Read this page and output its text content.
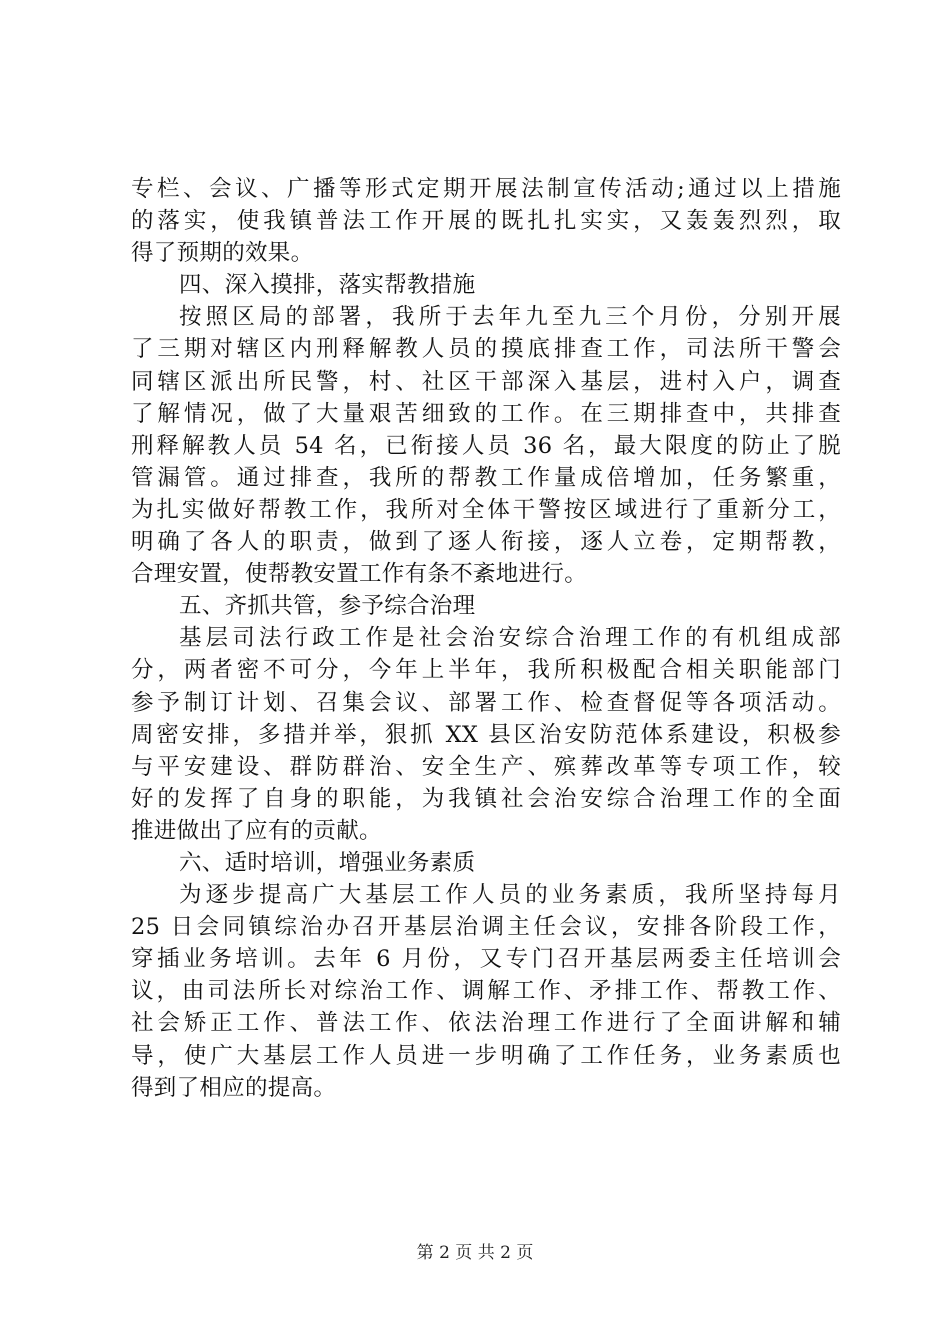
专栏、会议、广播等形式定期开展法制宣传活动;通过以上措施
的落实，使我镇普法工作开展的既扎扎实实，又轰轰烈烈，取
得了预期的效果。
四、深入摸排，落实帮教措施
按照区局的部署，我所于去年九至九三个月份，分别开展
了三期对辖区内刑释解教人员的摸底排查工作，司法所干警会
同辖区派出所民警，村、社区干部深入基层，进村入户，调查
了解情况，做了大量艰苦细致的工作。在三期排查中，共排查
刑释解教人员 54 名，已衔接人员 36 名，最大限度的防止了脱
管漏管。通过排查，我所的帮教工作量成倍增加，任务繁重，
为扎实做好帮教工作，我所对全体干警按区域进行了重新分工，
明确了各人的职责，做到了逐人衔接，逐人立卷，定期帮教，
合理安置，使帮教安置工作有条不紊地进行。
五、齐抓共管，参予综合治理
基层司法行政工作是社会治安综合治理工作的有机组成部
分，两者密不可分，今年上半年，我所积极配合相关职能部门
参予制订计划、召集会议、部署工作、检查督促等各项活动。
周密安排，多措并举，狠抓 XX 县区治安防范体系建设，积极参
与平安建设、群防群治、安全生产、殡葬改革等专项工作，较
好的发挥了自身的职能，为我镇社会治安综合治理工作的全面
推进做出了应有的贡献。
六、适时培训，增强业务素质
为逐步提高广大基层工作人员的业务素质，我所坚持每月
25 日会同镇综治办召开基层治调主任会议，安排各阶段工作，
穿插业务培训。去年 6 月份，又专门召开基层两委主任培训会
议，由司法所长对综治工作、调解工作、矛排工作、帮教工作、
社会矫正工作、普法工作、依法治理工作进行了全面讲解和辅
导，使广大基层工作人员进一步明确了工作任务，业务素质也
得到了相应的提高。
第 2 页 共 2 页
